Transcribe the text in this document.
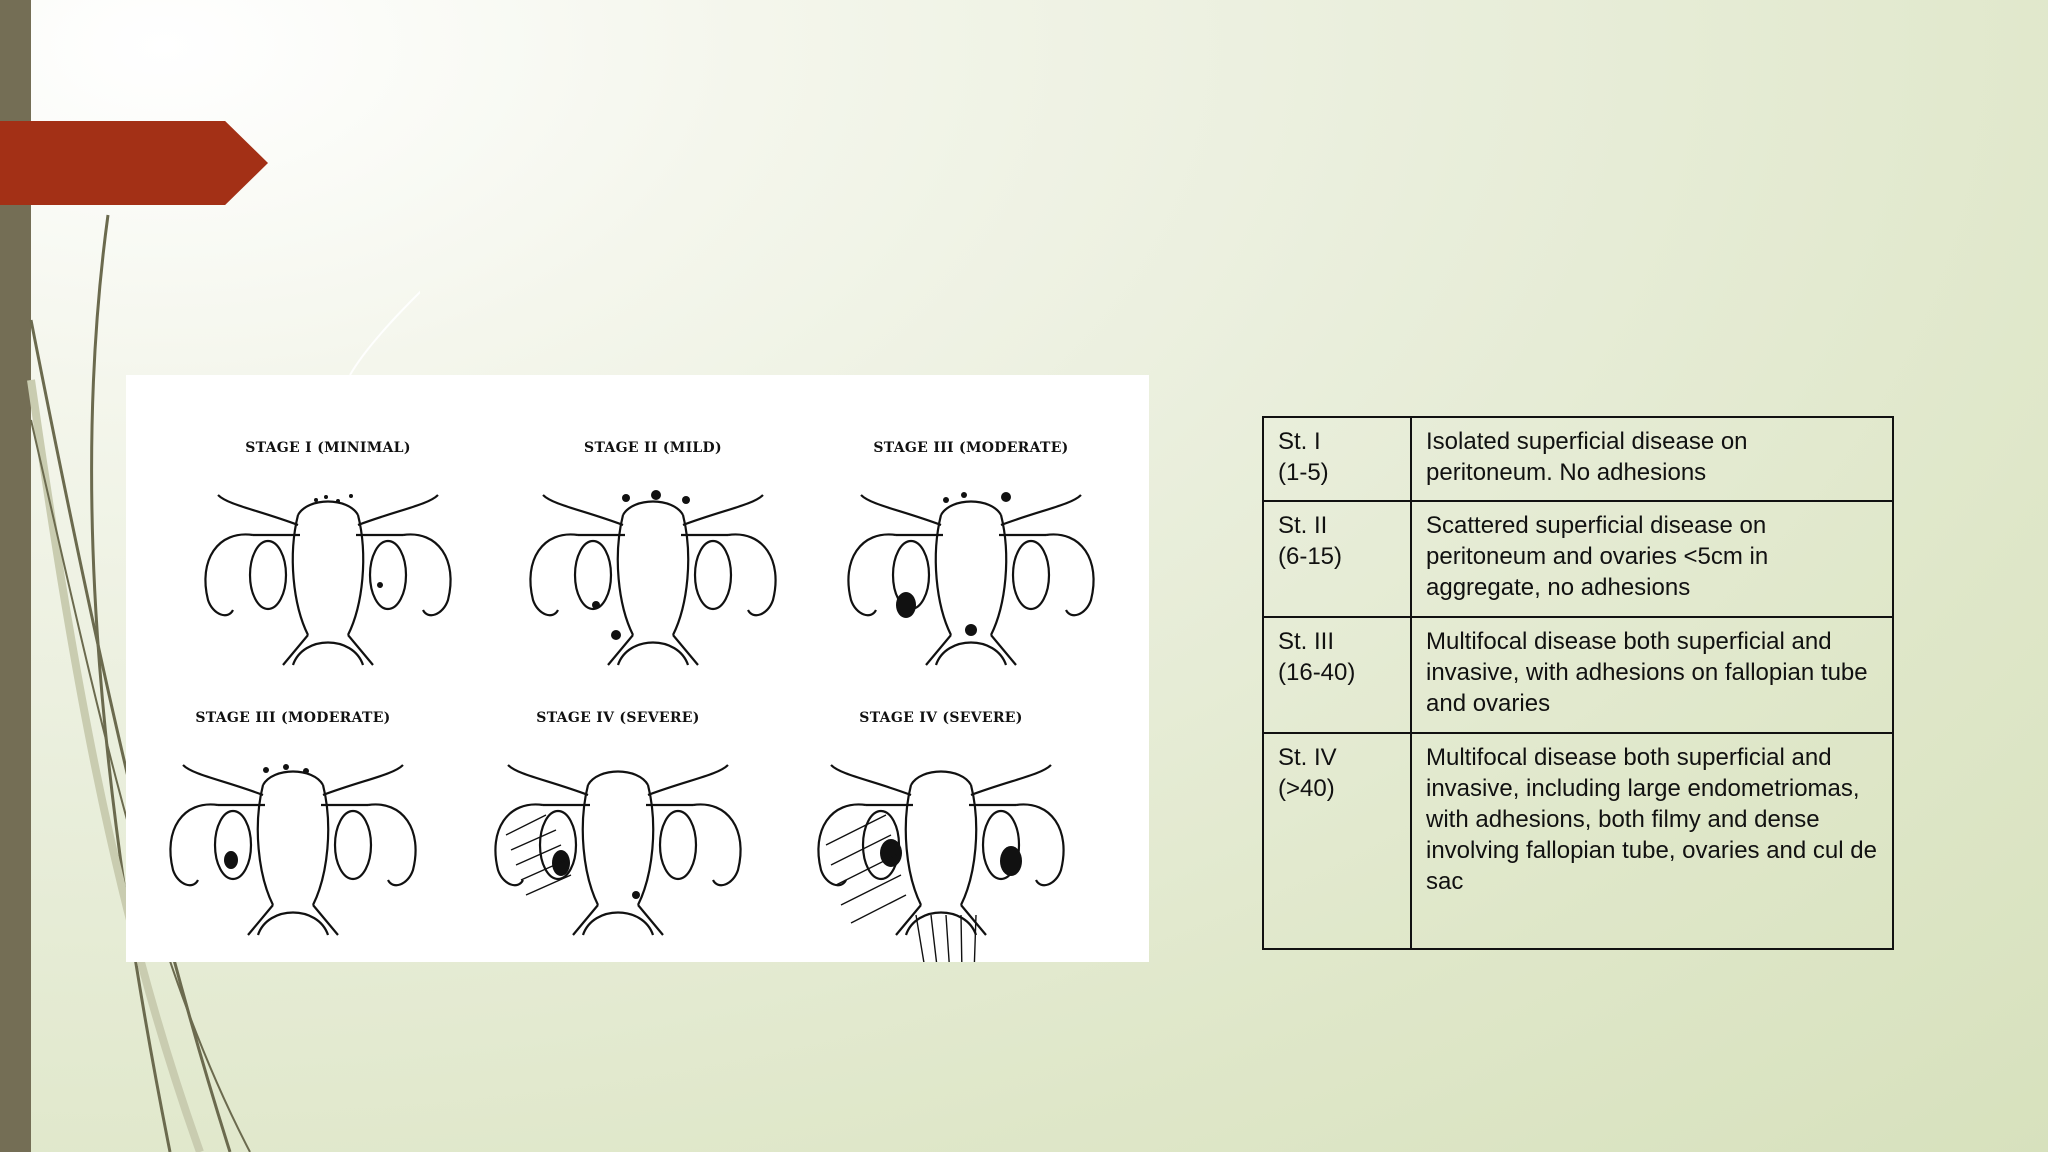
STAGE I (MINIMAL)	STAGE II (MILD)	STAGE III (MODERATE)
STAGE III (MODERATE)	STAGE IV (SEVERE)	STAGE IV (SEVERE)
St. I
(1-5)	Isolated superficial disease on peritoneum. No adhesions

St. II
(6-15)	Scattered superficial disease on peritoneum and ovaries <5cm in aggregate, no adhesions

St. III
(16-40)	Multifocal disease both superficial and invasive, with adhesions on fallopian tube and ovaries

St. IV
(>40)	Multifocal disease both superficial and invasive, including large endometriomas, with adhesions, both filmy and dense involving fallopian tube, ovaries and cul de sac
